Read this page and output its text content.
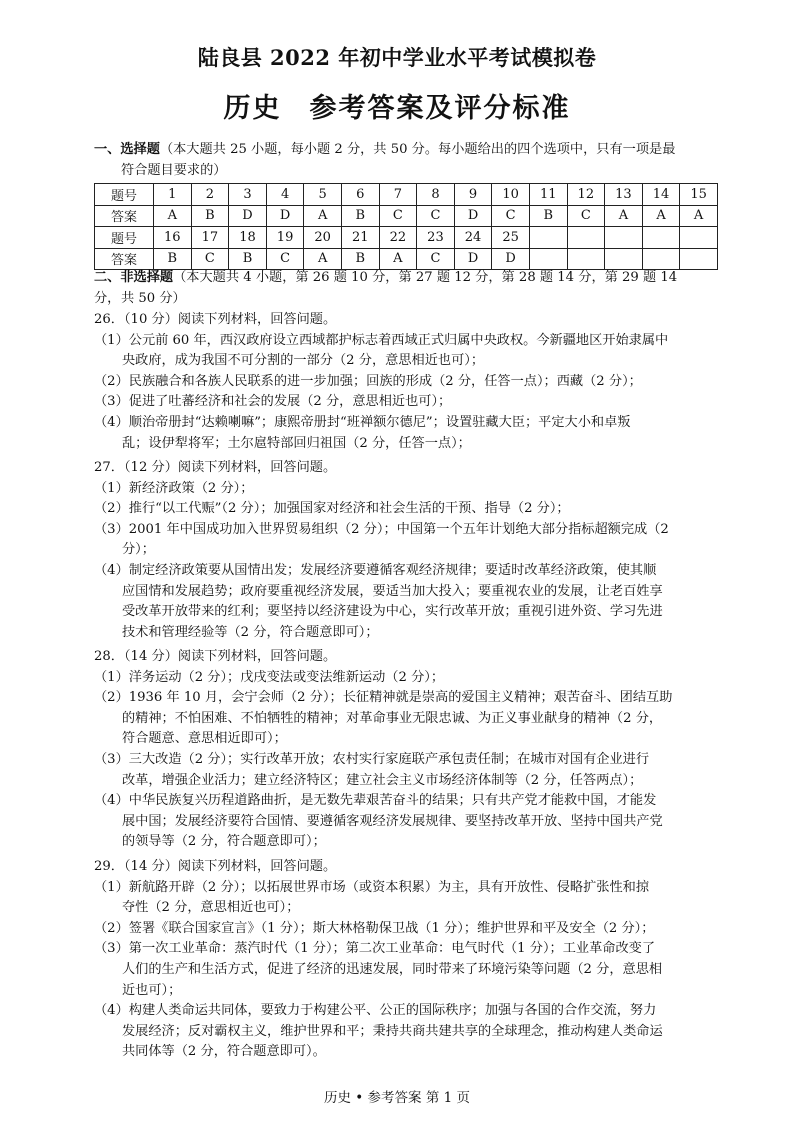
陆良县 2022 年初中学业水平考试模拟卷
历史 参考答案及评分标准
一、选择题（本大题共 25 小题，每小题 2 分，共 50 分。每小题给出的四个选项中，只有一项是最
符合题目要求的）
题号	1	2	3	4	5	6	7	8	9	10	11	12	13	14	15
答案	A	B	D	D	A	B	C	C	D	C	B	C	A	A	A
题号	16	17	18	19	20	21	22	23	24	25					
答案	B	C	B	C	A	B	A	C	D	D					
二、非选择题（本大题共 4 小题，第 26 题 10 分，第 27 题 12 分，第 28 题 14 分，第 29 题 14 分， 共 50 分）
26．（10 分）阅读下列材料，回答问题。
（1）公元前 60 年，西汉政府设立西域都护标志着西域正式归属中央政权。今新疆地区开始隶属中
央政府，成为我国不可分割的一部分（2 分，意思相近也可）；
（2）民族融合和各族人民联系的进一步加强；回族的形成（2 分，任答一点）；西藏（2 分）；
（3）促进了吐蕃经济和社会的发展（2 分，意思相近也可）；
（4）顺治帝册封“达赖喇嘛”；康熙帝册封“班禅额尔德尼”；设置驻藏大臣；平定大小和卓叛
乱；设伊犁将军；土尔扈特部回归祖国（2 分，任答一点）；
27．（12 分）阅读下列材料，回答问题。
（1）新经济政策（2 分）；
（2）推行“以工代赈”（2 分）；加强国家对经济和社会生活的干预、指导（2 分）；
（3）2001 年中国成功加入世界贸易组织（2 分）；中国第一个五年计划绝大部分指标超额完成（2
分）；
（4）制定经济政策要从国情出发；发展经济要遵循客观经济规律；要适时改革经济政策，使其顺
应国情和发展趋势；政府要重视经济发展，要适当加大投入；要重视农业的发展，让老百姓享
受改革开放带来的红利；要坚持以经济建设为中心，实行改革开放；重视引进外资、学习先进
技术和管理经验等（2 分，符合题意即可）；
28．（14 分）阅读下列材料，回答问题。
（1）洋务运动（2 分）；戊戌变法或变法维新运动（2 分）；
（2）1936 年 10 月，会宁会师（2 分）；长征精神就是崇高的爱国主义精神；艰苦奋斗、团结互助
的精神；不怕困难、不怕牺牲的精神；对革命事业无限忠诚、为正义事业献身的精神（2 分，
符合题意、意思相近即可）；
（3）三大改造（2 分）；实行改革开放；农村实行家庭联产承包责任制；在城市对国有企业进行
改革，增强企业活力；建立经济特区；建立社会主义市场经济体制等（2 分，任答两点）；
（4）中华民族复兴历程道路曲折，是无数先辈艰苦奋斗的结果；只有共产党才能救中国，才能发
展中国；发展经济要符合国情、要遵循客观经济发展规律、要坚持改革开放、坚持中国共产党
的领导等（2 分，符合题意即可）；
29．（14 分）阅读下列材料，回答问题。
（1）新航路开辟（2 分）；以拓展世界市场（或资本积累）为主，具有开放性、侵略扩张性和掠
夺性（2 分，意思相近也可）；
（2）签署《联合国家宣言》（1 分）；斯大林格勒保卫战（1 分）；维护世界和平及安全（2 分）；
（3）第一次工业革命：蒸汽时代（1 分）；第二次工业革命：电气时代（1 分）；工业革命改变了
人们的生产和生活方式，促进了经济的迅速发展，同时带来了环境污染等问题（2 分，意思相
近也可）；
（4）构建人类命运共同体，要致力于构建公平、公正的国际秩序；加强与各国的合作交流，努力
发展经济；反对霸权主义，维护世界和平；秉持共商共建共享的全球理念，推动构建人类命运
共同体等（2 分，符合题意即可）。
历史 • 参考答案 第 1 页
